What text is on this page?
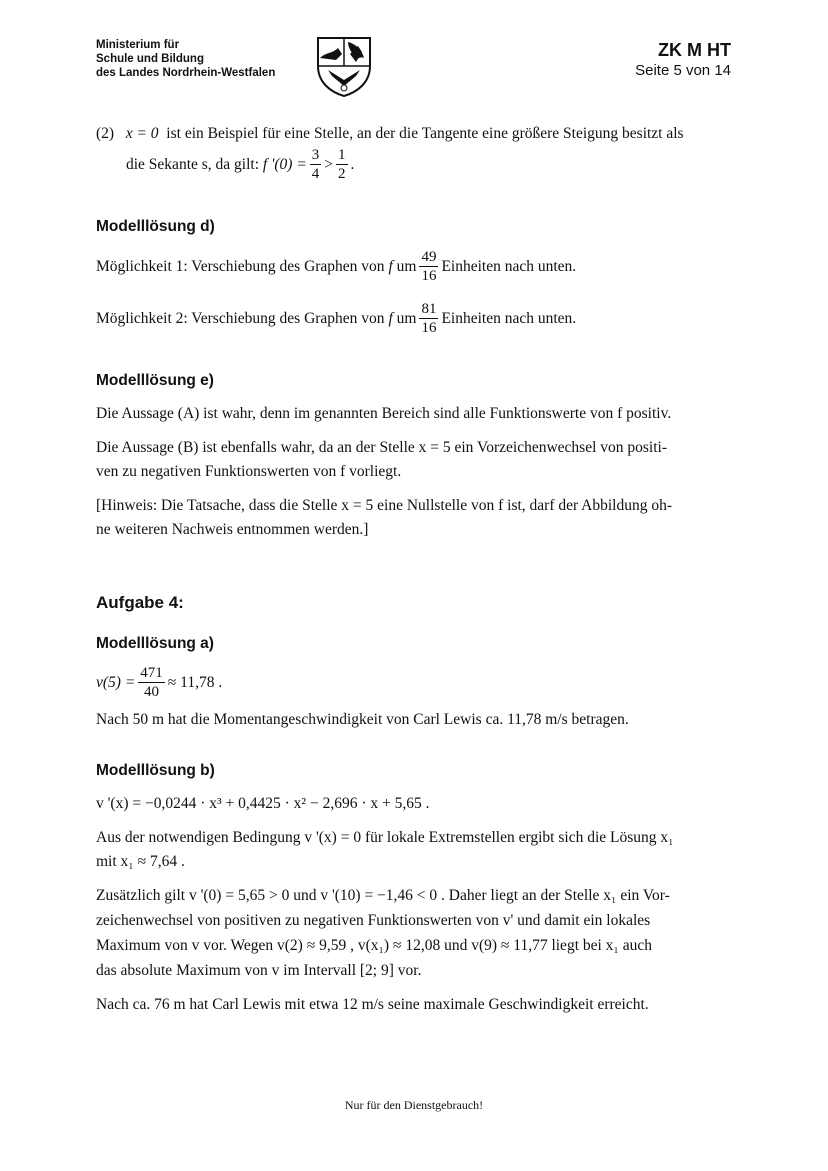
Ministerium für
Schule und Bildung
des Landes Nordrhein-Westfalen
ZK M HT
Seite 5 von 14
(2) x = 0 ist ein Beispiel für eine Stelle, an der die Tangente eine größere Steigung besitzt als
die Sekante s, da gilt:
f '$(0) = \frac{3}{4} > \frac{1}{2}$ .
Modelllösung d)
Möglichkeit 1: Verschiebung des Graphen von
f
um $\frac{49}{16}$ Einheiten nach unten.
Möglichkeit 2: Verschiebung des Graphen von
f
um $\frac{81}{16}$ Einheiten nach unten.
Modelllösung e)
Die Aussage (A) ist wahr, denn im genannten Bereich sind alle Funktionswerte von f positiv.
Die Aussage (B) ist ebenfalls wahr, da an der Stelle x = 5 ein Vorzeichenwechsel von positi-
ven zu negativen Funktionswerten von f vorliegt.
[Hinweis: Die Tatsache, dass die Stelle x = 5 eine Nullstelle von f ist, darf der Abbildung oh-
ne weiteren Nachweis entnommen werden.]
Aufgabe 4:
Modelllösung a)
$v(5) = \frac{471}{40} \approx 11,78$ .
Nach 50 m hat die Momentangeschwindigkeit von Carl Lewis ca. 11,78 m/s betragen.
Modelllösung b)
v '(x) = −0,0244 · x³ + 0,4425 · x² − 2,696 · x + 5,65 .
Aus der notwendigen Bedingung v '(x) = 0 für lokale Extremstellen ergibt sich die Lösung x₁
mit x₁ ≈ 7,64 .
Zusätzlich gilt v '(0) = 5,65 > 0 und v '(10) = −1,46 < 0 . Daher liegt an der Stelle x₁ ein Vor-
zeichenwechsel von positiven zu negativen Funktionswerten von v' und damit ein lokales
Maximum von v vor. Wegen v(2) ≈ 9,59 , v(x₁) ≈ 12,08 und v(9) ≈ 11,77 liegt bei x₁ auch
das absolute Maximum von v im Intervall [2; 9] vor.
Nach ca. 76 m hat Carl Lewis mit etwa 12 m/s seine maximale Geschwindigkeit erreicht.
Nur für den Dienstgebrauch!
